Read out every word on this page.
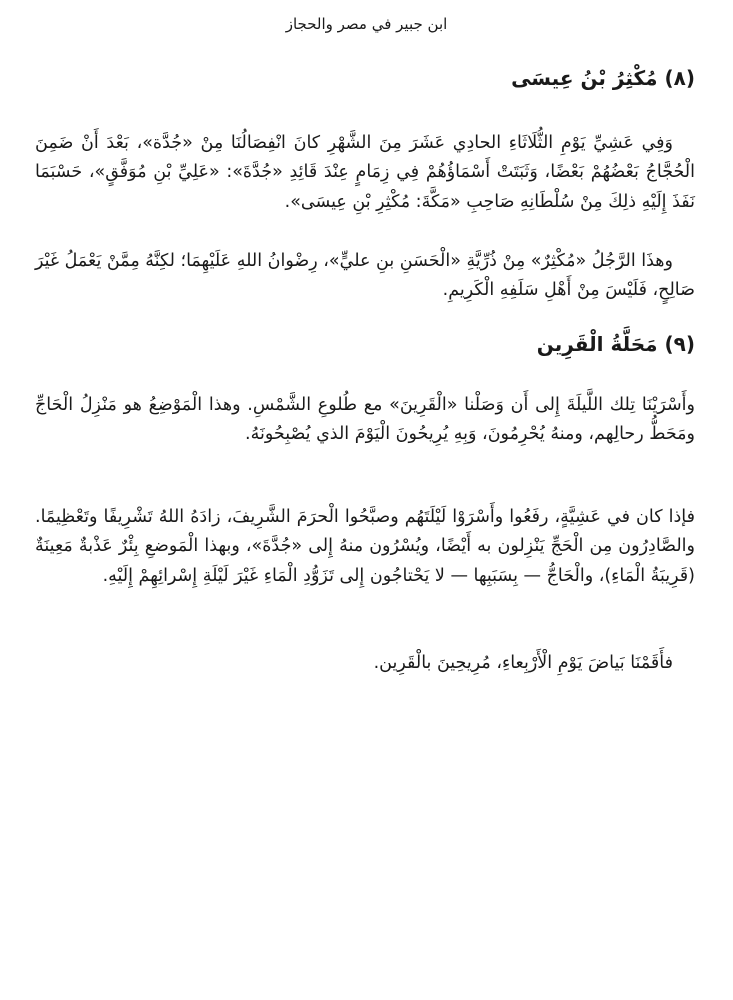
ابن جبير في مصر والحجاز
(٨) مُكْثِرُ بْنُ عِيسَى

وَفِي عَشِيِّ يَوْمِ الثُّلَاثَاءِ الحادِي عَشَرَ مِنَ الشَّهْرِ كانَ انْفِصَالُنَا مِنْ «جُدَّة»، بَعْدَ أَنْ ضَمِنَ الْحُجَّاجُ بَعْضُهُمْ بَعْضًا، وَثَبَتَتْ أَسْمَاؤُهُمْ فِي زِمَامٍ عِنْدَ قَائِدِ «جُدَّةَ»: «عَلِيِّ بْنِ مُوَفَّقٍ»، حَسْبَمَا نَفَذَ إِلَيْهِ ذلِكَ مِنْ سُلْطَانِهِ صَاحِبِ «مَكَّةَ: مُكْثِرِ بْنِ عِيسَى».

وهذَا الرَّجُلُ «مُكْثِرٌ» مِنْ ذُرِّيَّةِ «الْحَسَنِ بنِ عليٍّ»، رِضْوانُ اللهِ عَلَيْهِمَا؛ لكِنَّهُ مِمَّنْ يَعْمَلُ غَيْرَ صَالِحٍ، فَلَيْسَ مِنْ أَهْلِ سَلَفِهِ الْكَرِيمِ.

(٩) مَحَلَّةُ الْقَرِين

وأَسْرَيْنَا تِلك اللَّيلَةَ إِلى أَن وَصَلْنا «الْقَرِينَ» مع طُلوعِ الشَّمْسِ. وهذا الْمَوْضِعُ هو مَنْزِلُ الْحَاجِّ ومَحَطُّ رحالِهم، ومنهُ يُحْرِمُونَ، وَبِهِ يُرِيحُونَ الْيَوْمَ الذي يُصْبِحُونَهُ.

فإذا كان في عَشِيَّةٍ، رفَعُوا وأَسْرَوْا لَيْلَتَهُم وصبَّحُوا الْحرَمَ الشَّرِيفَ، زادَهُ اللهُ تَشْرِيفًا وتَعْظِيمًا. والصَّادِرُون مِن الْحَجِّ يَنْزِلون به أَيْضًا، ويُسْرُون منهُ إِلى «جُدَّةَ»، وبهذا الْمَوضعِ بِئْرٌ عَذْبةٌ مَعِينَةٌ (قَرِيبَةُ الْمَاءِ)، والْحَاجُّ — بِسَبَبِها — لا يَحْتاجُون إِلى تَزَوُّدِ الْمَاءِ غَيْرَ لَيْلَةِ إِسْرائِهِمْ إِلَيْهِ.

فأَقَمْنَا بَياضَ يَوْمِ الْأَرْبِعاءِ، مُرِيحِينَ بالْقَرِين.
